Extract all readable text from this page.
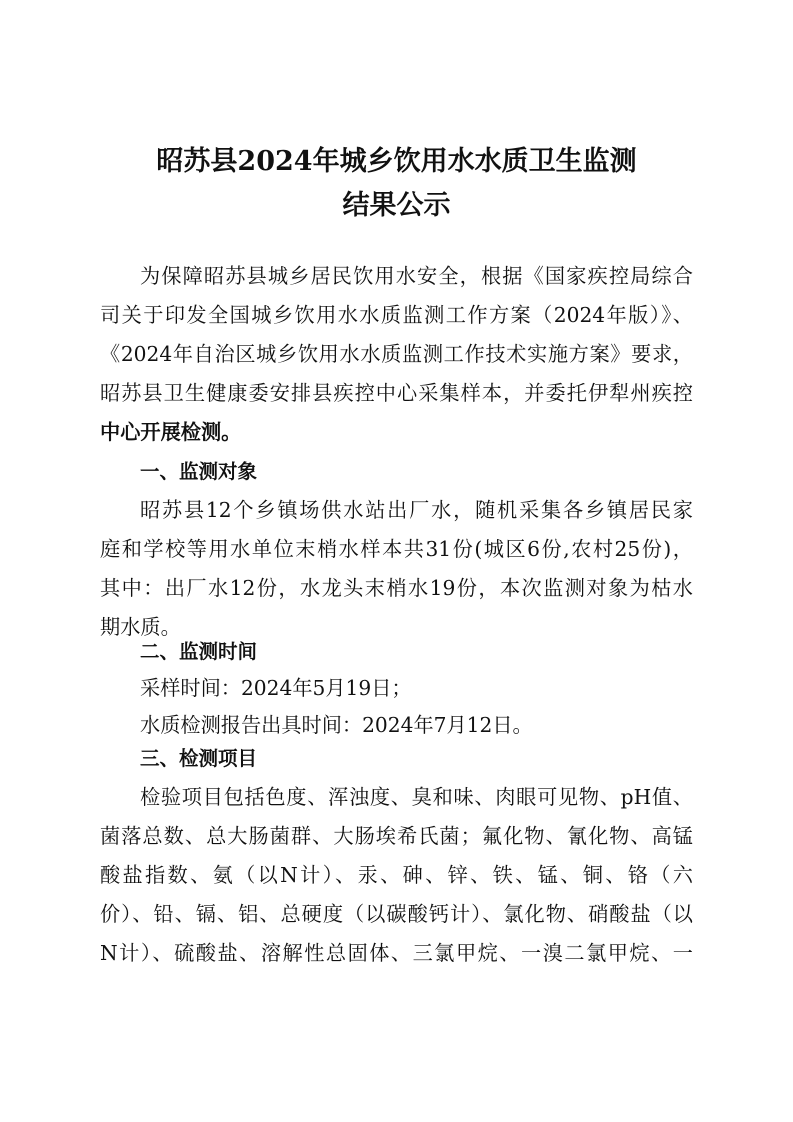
昭苏县2024年城乡饮用水水质卫生监测
结果公示
为保障昭苏县城乡居民饮用水安全，根据《国家疾控局综合
司关于印发全国城乡饮用水水质监测工作方案（2024年版）》、
《2024年自治区城乡饮用水水质监测工作技术实施方案》要求，
昭苏县卫生健康委安排县疾控中心采集样本，并委托伊犁州疾控
中心开展检测。
一、监测对象
昭苏县12个乡镇场供水站出厂水，随机采集各乡镇居民家
庭和学校等用水单位末梢水样本共31份(城区6份,农村25份)，
其中：出厂水12份，水龙头末梢水19份，本次监测对象为枯水
期水质。
二、监测时间
采样时间：2024年5月19日；
水质检测报告出具时间：2024年7月12日。
三、检测项目
检验项目包括色度、浑浊度、臭和味、肉眼可见物、pH值、
菌落总数、总大肠菌群、大肠埃希氏菌；氟化物、氰化物、高锰
酸盐指数、氨（以N计）、汞、砷、锌、铁、锰、铜、铬（六
价）、铅、镉、铝、总硬度（以碳酸钙计）、氯化物、硝酸盐（以
N计）、硫酸盐、溶解性总固体、三氯甲烷、一溴二氯甲烷、一
